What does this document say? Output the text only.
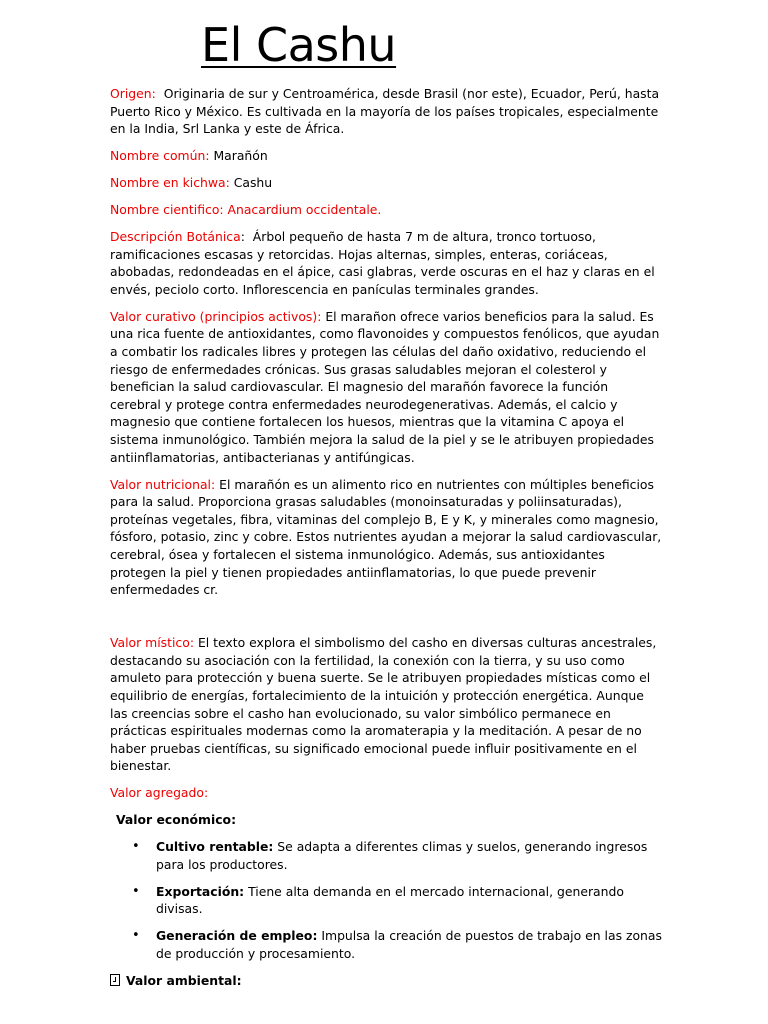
El Cashu

Origen:  Originaria de sur y Centroamérica, desde Brasil (nor este), Ecuador, Perú, hasta Puerto Rico y México. Es cultivada en la mayoría de los países tropicales, especialmente en la India, Srl Lanka y este de África.

Nombre común: Marañón

Nombre en kichwa: Cashu

Nombre cientifico: Anacardium occidentale.

Descripción Botánica:  Árbol pequeño de hasta 7 m de altura, tronco tortuoso, ramificaciones escasas y retorcidas. Hojas alternas, simples, enteras, coriáceas, abobadas, redondeadas en el ápice, casi glabras, verde oscuras en el haz y claras en el envés, peciolo corto. Inflorescencia en panículas terminales grandes.

Valor curativo (principios activos): El marañon ofrece varios beneficios para la salud. Es una rica fuente de antioxidantes, como flavonoides y compuestos fenólicos, que ayudan a combatir los radicales libres y protegen las células del daño oxidativo, reduciendo el riesgo de enfermedades crónicas. Sus grasas saludables mejoran el colesterol y benefician la salud cardiovascular. El magnesio del marañón favorece la función cerebral y protege contra enfermedades neurodegenerativas. Además, el calcio y magnesio que contiene fortalecen los huesos, mientras que la vitamina C apoya el sistema inmunológico. También mejora la salud de la piel y se le atribuyen propiedades antiinflamatorias, antibacterianas y antifúngicas.

Valor nutricional: El marañón es un alimento rico en nutrientes con múltiples beneficios para la salud. Proporciona grasas saludables (monoinsaturadas y poliinsaturadas), proteínas vegetales, fibra, vitaminas del complejo B, E y K, y minerales como magnesio, fósforo, potasio, zinc y cobre. Estos nutrientes ayudan a mejorar la salud cardiovascular, cerebral, ósea y fortalecen el sistema inmunológico. Además, sus antioxidantes protegen la piel y tienen propiedades antiinflamatorias, lo que puede prevenir enfermedades cr.

Valor místico: El texto explora el simbolismo del casho en diversas culturas ancestrales, destacando su asociación con la fertilidad, la conexión con la tierra, y su uso como amuleto para protección y buena suerte. Se le atribuyen propiedades místicas como el equilibrio de energías, fortalecimiento de la intuición y protección energética. Aunque las creencias sobre el casho han evolucionado, su valor simbólico permanece en prácticas espirituales modernas como la aromaterapia y la meditación. A pesar de no haber pruebas científicas, su significado emocional puede influir positivamente en el bienestar.

Valor agregado:

Valor económico:

• Cultivo rentable: Se adapta a diferentes climas y suelos, generando ingresos para los productores.
• Exportación: Tiene alta demanda en el mercado internacional, generando divisas.
• Generación de empleo: Impulsa la creación de puestos de trabajo en las zonas de producción y procesamiento.

Valor ambiental:
